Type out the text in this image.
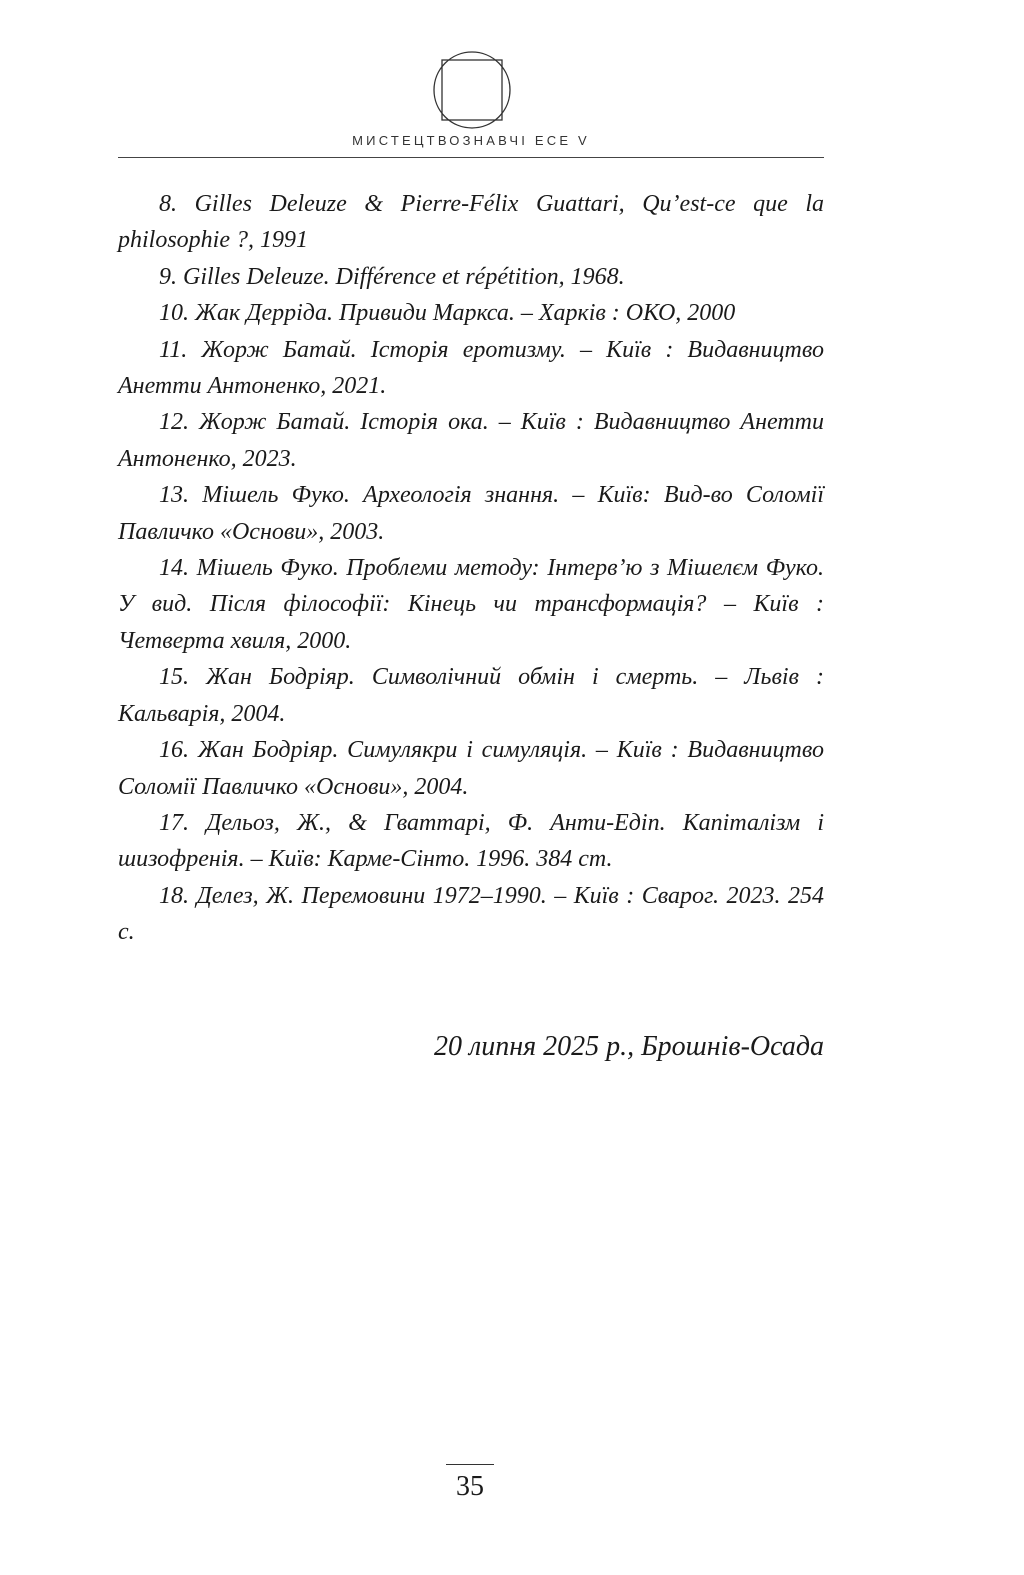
МИСТЕЦТВОЗНАВЧІ ЕСЕ V
8. Gilles Deleuze & Pierre-Félix Guattari, Qu’est-ce que la philosophie ?, 1991
9. Gilles Deleuze. Différence et répétition, 1968.
10. Жак Дерріда. Привиди Маркса. – Харків : ОКО, 2000
11. Жорж Батай. Історія еротизму. – Київ : Видавництво Анетти Антоненко, 2021.
12. Жорж Батай. Історія ока. – Київ : Видавництво Анетти Антоненко, 2023.
13. Мішель Фуко. Археологія знання. – Київ: Вид-во Соломії Павличко «Основи», 2003.
14. Мішель Фуко. Проблеми методу: Інтерв’ю з Мішелєм Фуко. У вид. Після філософії: Кінець чи трансформація? – Київ : Четверта хвиля, 2000.
15. Жан Бодріяр. Символічний обмін і смерть. – Львів : Кальварія, 2004.
16. Жан Бодріяр. Симулякри і симуляція. – Київ : Видавництво Соломії Павличко «Основи», 2004.
17. Дельоз, Ж., & Гваттарі, Ф. Анти-Едіп. Капіталізм і шизофренія. – Київ: Карме-Сінто. 1996. 384 ст.
18. Делез, Ж. Перемовини 1972–1990. – Київ : Сварог. 2023. 254 с.
20 липня 2025 р., Брошнів-Осада
35
